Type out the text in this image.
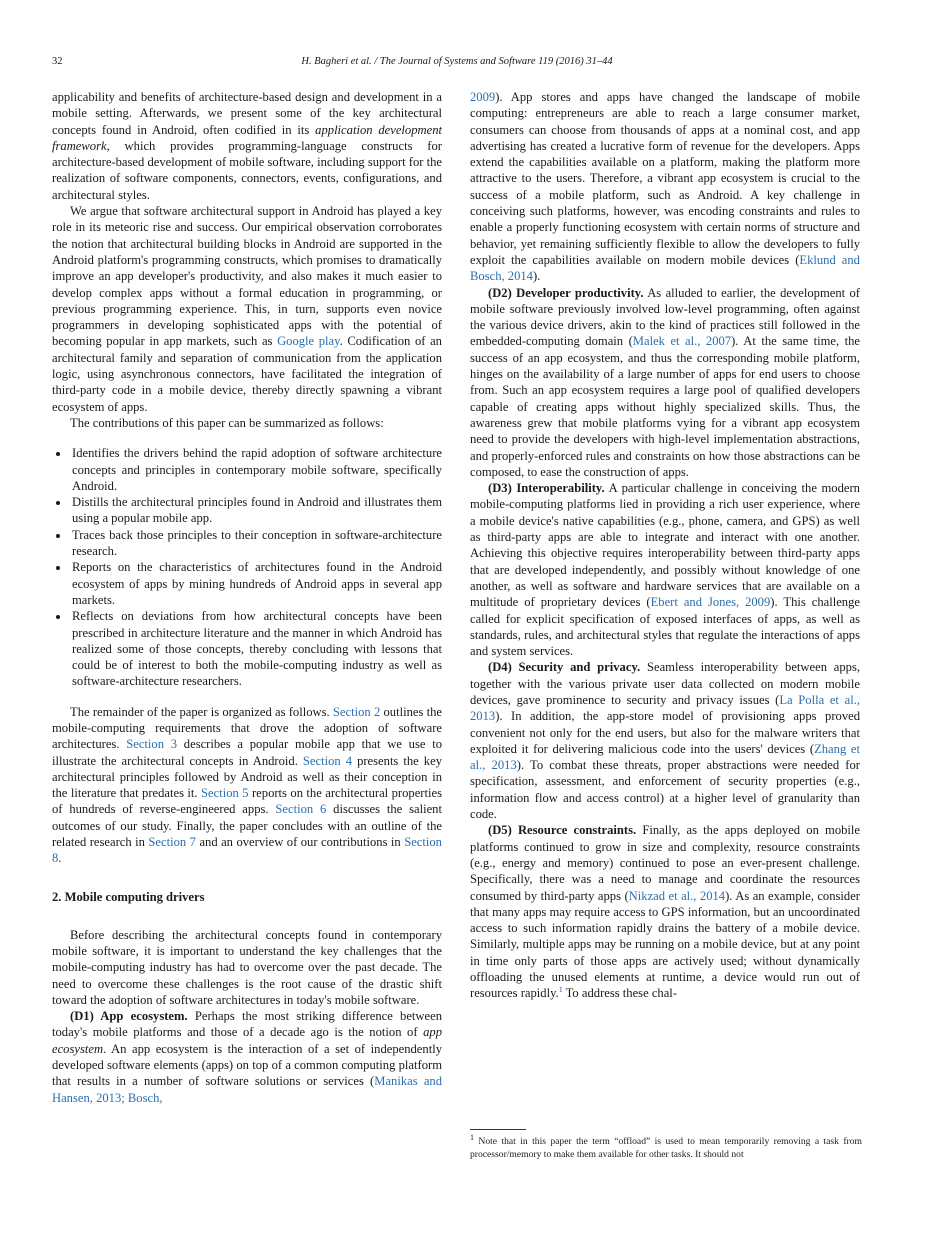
32	H. Bagheri et al. / The Journal of Systems and Software 119 (2016) 31–44

applicability and benefits of architecture-based design and development in a mobile setting. Afterwards, we present some of the key architectural concepts found in Android, often codified in its application development framework, which provides programming-language constructs for architecture-based development of mobile software, including support for the realization of software components, connectors, events, configurations, and architectural styles.

We argue that software architectural support in Android has played a key role in its meteoric rise and success. Our empirical observation corroborates the notion that architectural building blocks in Android are supported in the Android platform's programming constructs, which promises to dramatically improve an app developer's productivity, and also makes it much easier to develop complex apps without a formal education in programming, or previous programming experience. This, in turn, supports even novice programmers in developing sophisticated apps with the potential of becoming popular in app markets, such as Google play. Codification of an architectural family and separation of communication from the application logic, using asynchronous connectors, have facilitated the integration of third-party code in a mobile device, thereby directly spawning a vibrant ecosystem of apps.

The contributions of this paper can be summarized as follows:

• Identifies the drivers behind the rapid adoption of software architecture concepts and principles in contemporary mobile software, specifically Android.
• Distills the architectural principles found in Android and illustrates them using a popular mobile app.
• Traces back those principles to their conception in software-architecture research.
• Reports on the characteristics of architectures found in the Android ecosystem of apps by mining hundreds of Android apps in several app markets.
• Reflects on deviations from how architectural concepts have been prescribed in architecture literature and the manner in which Android has realized some of those concepts, thereby concluding with lessons that could be of interest to both the mobile-computing industry as well as software-architecture researchers.

The remainder of the paper is organized as follows. Section 2 outlines the mobile-computing requirements that drove the adoption of software architectures. Section 3 describes a popular mobile app that we use to illustrate the architectural concepts in Android. Section 4 presents the key architectural principles followed by Android as well as their conception in the literature that predates it. Section 5 reports on the architectural properties of hundreds of reverse-engineered apps. Section 6 discusses the salient outcomes of our study. Finally, the paper concludes with an outline of the related research in Section 7 and an overview of our contributions in Section 8.

2. Mobile computing drivers

Before describing the architectural concepts found in contemporary mobile software, it is important to understand the key challenges that the mobile-computing industry has had to overcome over the past decade. The need to overcome these challenges is the root cause of the drastic shift toward the adoption of software architectures in today's mobile software.

(D1) App ecosystem. Perhaps the most striking difference between today's mobile platforms and those of a decade ago is the notion of app ecosystem. An app ecosystem is the interaction of a set of independently developed software elements (apps) on top of a common computing platform that results in a number of software solutions or services (Manikas and Hansen, 2013; Bosch,

2009). App stores and apps have changed the landscape of mobile computing: entrepreneurs are able to reach a large consumer market, consumers can choose from thousands of apps at a nominal cost, and app advertising has created a lucrative form of revenue for the developers. Apps extend the capabilities available on a platform, making the platform more attractive to the users. Therefore, a vibrant app ecosystem is crucial to the success of a mobile platform, such as Android. A key challenge in conceiving such platforms, however, was encoding constraints and rules to enable a properly functioning ecosystem with certain norms of structure and behavior, yet remaining sufficiently flexible to allow the developers to fully exploit the capabilities available on modern mobile devices (Eklund and Bosch, 2014).

(D2) Developer productivity. As alluded to earlier, the development of mobile software previously involved low-level programming, often against the various device drivers, akin to the kind of practices still followed in the embedded-computing domain (Malek et al., 2007). At the same time, the success of an app ecosystem, and thus the corresponding mobile platform, hinges on the availability of a large number of apps for end users to choose from. Such an app ecosystem requires a large pool of qualified developers capable of creating apps without highly specialized skills. Thus, the awareness grew that mobile platforms vying for a vibrant app ecosystem need to provide the developers with high-level implementation abstractions, and properly-enforced rules and constraints on how those abstractions can be composed, to ease the construction of apps.

(D3) Interoperability. A particular challenge in conceiving the modern mobile-computing platforms lied in providing a rich user experience, where a mobile device's native capabilities (e.g., phone, camera, and GPS) as well as third-party apps are able to integrate and interact with one another. Achieving this objective requires interoperability between third-party apps that are developed independently, and possibly without knowledge of one another, as well as software and hardware services that are available on a multitude of proprietary devices (Ebert and Jones, 2009). This challenge called for explicit specification of exposed interfaces of apps, as well as standards, rules, and architectural styles that regulate the interactions of apps and system services.

(D4) Security and privacy. Seamless interoperability between apps, together with the various private user data collected on modern mobile devices, gave prominence to security and privacy issues (La Polla et al., 2013). In addition, the app-store model of provisioning apps proved convenient not only for the end users, but also for the malware writers that exploited it for delivering malicious code into the users' devices (Zhang et al., 2013). To combat these threats, proper abstractions were needed for specification, assessment, and enforcement of security properties (e.g., information flow and access control) at a higher level of granularity than code.

(D5) Resource constraints. Finally, as the apps deployed on mobile platforms continued to grow in size and complexity, resource constraints (e.g., energy and memory) continued to pose an ever-present challenge. Specifically, there was a need to manage and coordinate the resources consumed by third-party apps (Nikzad et al., 2014). As an example, consider that many apps may require access to GPS information, but an uncoordinated access to such information rapidly drains the battery of a mobile device. Similarly, multiple apps may be running on a mobile device, but at any point in time only parts of those apps are actively used; without dynamically offloading the unused elements at runtime, a device would run out of resources rapidly.$^1$ To address these chal-

$^1$ Note that in this paper the term “offload” is used to mean temporarily removing a task from processor/memory to make them available for other tasks. It should not
